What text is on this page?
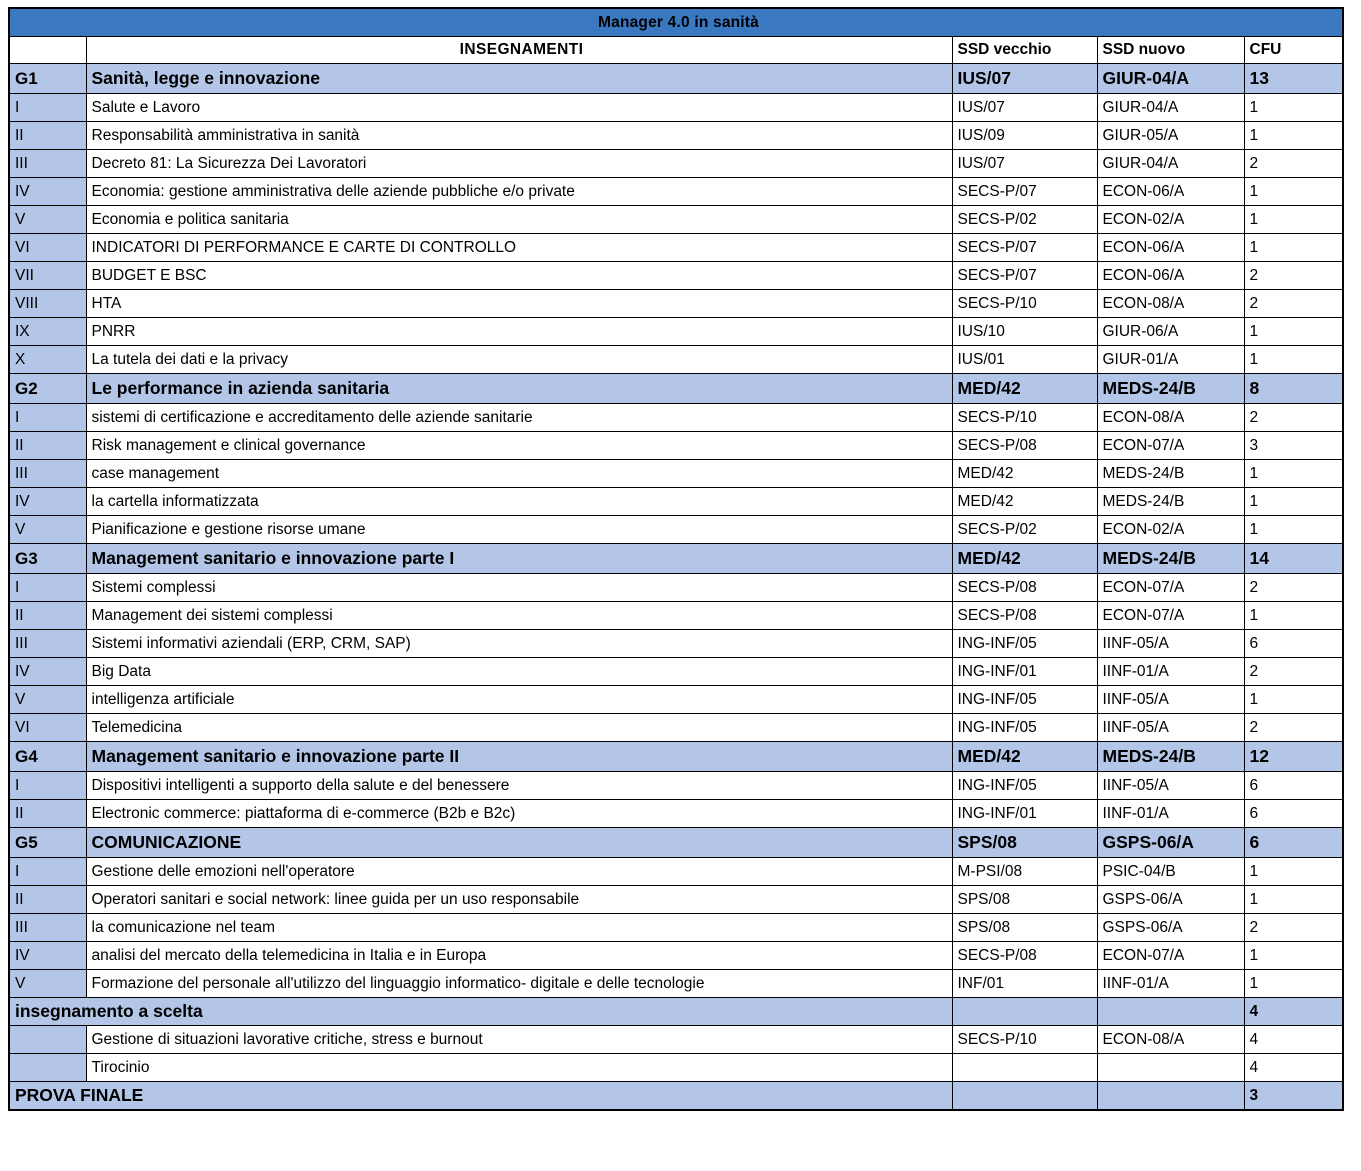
Manager 4.0 in sanità				
	INSEGNAMENTI	SSD vecchio	SSD nuovo	CFU
G1	Sanità, legge e innovazione	IUS/07	GIUR-04/A	13
I	Salute e Lavoro	IUS/07	GIUR-04/A	1
II	Responsabilità amministrativa in sanità	IUS/09	GIUR-05/A	1
III	Decreto 81: La Sicurezza Dei Lavoratori	IUS/07	GIUR-04/A	2
IV	Economia: gestione amministrativa delle aziende pubbliche e/o private	SECS-P/07	ECON-06/A	1
V	Economia e politica sanitaria	SECS-P/02	ECON-02/A	1
VI	INDICATORI DI PERFORMANCE E CARTE DI CONTROLLO	SECS-P/07	ECON-06/A	1
VII	BUDGET E BSC	SECS-P/07	ECON-06/A	2
VIII	HTA	SECS-P/10	ECON-08/A	2
IX	PNRR	IUS/10	GIUR-06/A	1
X	La tutela dei dati e la privacy	IUS/01	GIUR-01/A	1
G2	Le performance in azienda sanitaria	MED/42	MEDS-24/B	8
I	sistemi di certificazione e accreditamento delle aziende sanitarie	SECS-P/10	ECON-08/A	2
II	Risk management e clinical governance	SECS-P/08	ECON-07/A	3
III	case management	MED/42	MEDS-24/B	1
IV	la cartella informatizzata	MED/42	MEDS-24/B	1
V	Pianificazione e gestione risorse umane	SECS-P/02	ECON-02/A	1
G3	Management sanitario e innovazione parte I	MED/42	MEDS-24/B	14
I	Sistemi complessi	SECS-P/08	ECON-07/A	2
II	Management dei sistemi complessi	SECS-P/08	ECON-07/A	1
III	Sistemi informativi aziendali (ERP, CRM, SAP)	ING-INF/05	IINF-05/A	6
IV	Big Data	ING-INF/01	IINF-01/A	2
V	intelligenza artificiale	ING-INF/05	IINF-05/A	1
VI	Telemedicina	ING-INF/05	IINF-05/A	2
G4	Management sanitario e innovazione parte II	MED/42	MEDS-24/B	12
I	Dispositivi intelligenti a supporto della salute e del benessere	ING-INF/05	IINF-05/A	6
II	Electronic commerce: piattaforma di e-commerce (B2b e B2c)	ING-INF/01	IINF-01/A	6
G5	COMUNICAZIONE	SPS/08	GSPS-06/A	6
I	Gestione delle emozioni nell'operatore	M-PSI/08	PSIC-04/B	1
II	Operatori sanitari e social network: linee guida per un uso responsabile	SPS/08	GSPS-06/A	1
III	la comunicazione nel team	SPS/08	GSPS-06/A	2
IV	analisi del mercato della telemedicina in Italia e in Europa	SECS-P/08	ECON-07/A	1
V	Formazione del personale all'utilizzo del linguaggio informatico- digitale e delle tecnologie	INF/01	IINF-01/A	1
insegnamento a scelta				4
	Gestione di situazioni lavorative critiche, stress e burnout	SECS-P/10	ECON-08/A	4
	Tirocinio			4
PROVA FINALE				3
